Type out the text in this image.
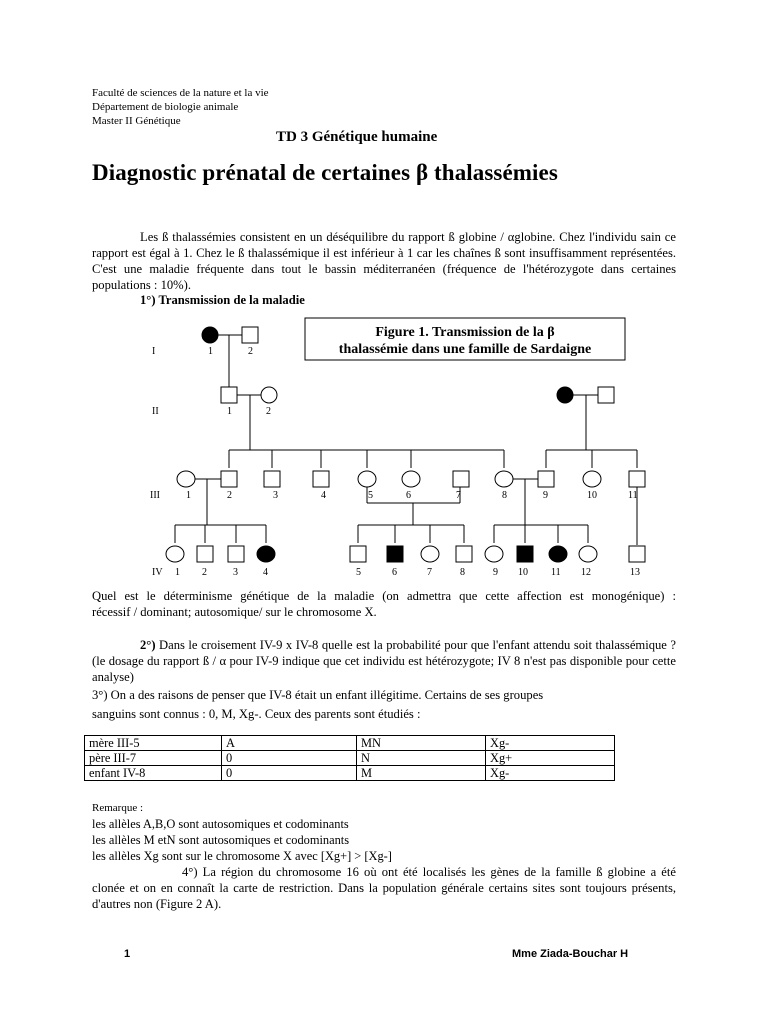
Faculté de sciences de la nature et la vie
Département de biologie animale
Master II Génétique
TD 3 Génétique humaine
Diagnostic prénatal de certaines β thalassémies

Les ß thalassémies consistent en un déséquilibre du rapport ß globine / αglobine. Chez l'individu sain ce rapport est égal à 1. Chez le ß thalassémique il est inférieur à 1 car les chaînes ß sont insuffisamment représentées. C'est une maladie fréquente dans tout le bassin méditerranéen (fréquence de l'hétérozygote dans certaines populations : 10%).

1°) Transmission de la maladie
Figure 1. Transmission de la β
thalassémie dans une famille de Sardaigne
I
II
III
IV
1	2
1	2
1	2	3	4	5	6	7	8	9	10	11
1 2	3	4	5	6	7	8	9 10 11 12	13

Quel est le déterminisme génétique de la maladie (on admettra que cette affection est monogénique) :                récessif / dominant; autosomique/ sur le chromosome X.

2°) Dans le croisement IV-9 x IV-8 quelle est la probabilité pour que l'enfant attendu soit thalassémique ? (le dosage du rapport ß / α pour IV-9 indique que cet individu est hétérozygote; IV 8 n'est pas disponible pour cette analyse)

3°) On a des raisons de penser que IV-8 était un enfant illégitime. Certains de ses groupes

sanguins sont connus : 0, M, Xg-. Ceux des parents sont étudiés :

mère III-5	A	MN	Xg-
père III-7	0	N	Xg+
enfant IV-8	0	M	Xg-
Remarque :
les allèles A,B,O sont autosomiques et codominants
les allèles M etN sont autosomiques et codominants
les allèles Xg sont sur le chromosome X avec [Xg+] > [Xg-]

4°) La région du chromosome 16 où ont été localisés les gènes de la famille ß globine a été clonée et on en connaît la carte de restriction. Dans la population générale certains sites sont toujours présents, d'autres non (Figure 2 A).

1	Mme Ziada-Bouchar H
